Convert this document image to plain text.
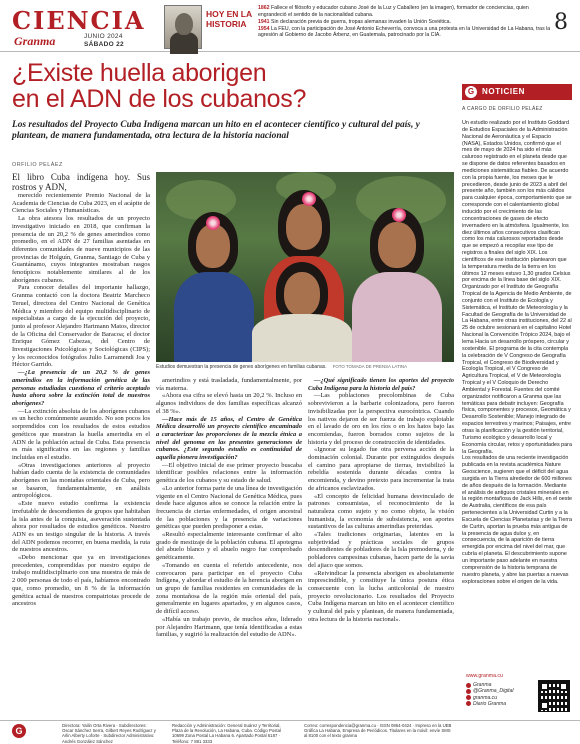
CIENCIA
Granma	JUNIO 2024
SÁBADO 22
HOY EN LA
HISTORIA

1862 Fallece el filósofo y educador cubano José de la Luz y Caballero (en la imagen), formador de conciencias, quien engrandeció el sentido de la nacionalidad cubana.

1941 Sin declaración previa de guerra, tropas alemanas invaden la Unión Soviética.

1954 La FEU, con la participación de José Antonio Echeverría, convoca a una protesta en la Universidad de La Habana, tras la agresión al Gobierno de Jacobo Árbenz, en Guatemala, patrocinado por la CIA.

8
¿Existe huella aborigen
en el ADN de los cubanos?
Los resultados del Proyecto Cuba Indígena marcan un hito en el acontecer científico y cultural del país, y plantean, de manera fundamentada, otra lectura de la historia nacional
ORFILIO PELÁEZ

El libro Cuba indígena hoy. Sus rostros y ADN,

merecido recientemente Premio Nacional de la Academia de Ciencias de Cuba 2023, en el acápite de Ciencias Sociales y Humanísticas.

La obra atesora los resultados de un proyecto investigativo iniciado en 2018, que confirman la presencia de un 20,2 % de genes amerindios como promedio, en el ADN de 27 familias asentadas en diferentes comunidades de nueve municipios de las provincias de Holguín, Granma, Santiago de Cuba y Guantánamo, cuyos integrantes mostraban rasgos fenotípicos notablemente similares al de los aborígenes cubanos.

Para conocer detalles del importante hallazgo, Granma contactó con la doctora Beatriz Marcheco Teruel, directora del Centro Nacional de Genética Médica y miembro del equipo multidisciplinario de especialistas a cargo de la ejecución del proyecto, junto al profesor Alejandro Hartmann Matos, director de la Oficina del Conservador de Baracoa; el doctor Enrique Gómez Cabezas, del Centro de Investigaciones Psicológicas y Sociológicas (CIPS); y los reconocidos fotógrafos Julio Larramendi Joa y Héctor Garrido.

—¿La presencia de un 20,2 % de genes amerindios en la información genética de las personas estudiadas cuestiona el criterio aceptado hasta ahora sobre la extinción total de nuestros aborígenes?

—La extinción absoluta de los aborígenes cubanos es un hecho comúnmente asumido. No son pocos los sorprendidos con los resultados de estos estudios genéticos que muestran la huella amerindia en el ADN de la población actual de Cuba. Esta presencia es más significativa en las regiones y familias incluidas en el estudio.

«Otras investigaciones anteriores al proyecto habían dado cuenta de la existencia de comunidades aborígenes en las montañas orientales de Cuba, pero se basaron, fundamentalmente, en análisis antropológicos.

«Este nuevo estudio confirma la existencia irrefutable de descendientes de grupos que habitaban la isla antes de la conquista, aseveración sustentada ahora por resultados de estudios genéticos. Nuestro ADN es un testigo singular de la historia. A través del ADN podemos recorrer, en buena medida, la ruta de nuestros ancestros.

«Debo mencionar que ya en investigaciones precedentes, comprendidas por nuestro equipo de trabajo multidisciplinario con una muestra de más de 2 000 personas de todo el país, habíamos encontrado que, como promedio, un 8 % de la información genética actual de nuestros compatriotas procede de ancestros

Estudios demuestran la presencia de genes aborígenes en familias cubanas. FOTO TOMADA DE PRENSA LATINA

amerindios y está trasladada, fundamentalmente, por vía materna.

«Ahora esa cifra se elevó hasta un 20,2 %. Incluso en algunos individuos de dos familias específicas alcanzó el 38 %».

—Hace más de 15 años, el Centro de Genética Médica desarrolló un proyecto científico encaminado a caracterizar las proporciones de la mezcla étnica a nivel del genoma en las presentes generaciones de cubanos. ¿Este segundo estudio es continuidad de aquella pionera investigación?

—El objetivo inicial de ese primer proyecto buscaba identificar posibles relaciones entre la información genética de los cubanos y su estado de salud.

«Lo anterior forma parte de una línea de investigación vigente en el Centro Nacional de Genética Médica, pues desde hace algunos años se conoce la relación entre la frecuencia de ciertas enfermedades, el origen ancestral de las poblaciones y la presencia de variaciones genéticas que pueden predisponer a estas.

«Resultó especialmente interesante confirmar el alto grado de mestizaje de la población cubana. El apotegma del abuelo blanco y el abuelo negro fue comprobado genéticamente.

«Tomando en cuenta el referido antecedente, nos convocaron para participar en el proyecto Cuba Indígena, y abordar el estudio de la herencia aborigen en un grupo de familias residentes en comunidades de la zona montañosa de la región más oriental del país, generalmente en lugares apartados, y en algunos casos, de difícil acceso.

«Había un trabajo previo, de muchos años, liderado por Alejandro Hartmann, que tenía identificadas a estas familias, y sugirió la realización del estudio de ADN».

—¿Qué significado tienen los aportes del proyecto Cuba Indígena para la historia del país?

—Las poblaciones precolombinas de Cuba sobrevivieron a la barbarie colonizadora, pero fueron invisibilizadas por la perspectiva eurocéntrica. Cuando los nativos dejaron de ser fuerza de trabajo explotable en el lavado de oro en los ríos o en los hatos bajo las encomiendas, fueron borrados como sujetos de la historia y del proceso de construcción de identidades.

«Ignorar su legado fue otra perversa acción de la dominación colonial. Durante por extinguidos después el camino para apropiarse de tierras, invisibilizó la rebeldía sostenida durante décadas contra la encomienda, y devino pretexto para incrementar la trata de africanos esclavizados.

«El concepto de felicidad humana desvinculado de patrones consumistas, el reconocimiento de la naturaleza como sujeto y no como objeto, la visión humanista, la economía de subsistencia, son aportes sustantivos de las culturas amerindias preteridas.

«Tales tradiciones originarias, latentes en la subjetividad y prácticas sociales de grupos descendientes de pobladores de la Isla premoderna, y de pobladores campesinas cubanas, hacen parte de la savia del ajiaco que somos.

«Reivindicar la presencia aborigen es absolutamente imprescindible, y constituye la única postura ética consecuente con la lucha anticolonial de nuestro proyecto revolucionario. Los resultados del Proyecto Cuba Indígena marcan un hito en el acontecer científico y cultural del país y plantean, de manera fundamentada, otra lectura de la historia nacional».

G NOTICIEN
A CARGO DE ORFILIO PELÁEZ

Un estudio realizado por el Instituto Goddard de Estudios Espaciales de la Administración Nacional de Aeronáutica y el Espacio (NASA), Estados Unidos, confirmó que el mes de mayo de 2024 ha sido el más caluroso registrado en el planeta desde que se dispone de datos referentes basados en mediciones sistemáticas fiables. De acuerdo con la propia fuente, los meses que le precedieron, desde junio de 2023 a abril del presente año, también son los más cálidos para cualquier época, comportamiento que se corresponde con el calentamiento global inducido por el crecimiento de las concentraciones de gases de efecto invernadero en la atmósfera. Igualmente, los diez últimos años consecutivos clasifican como los más calurosos reportados desde que se empezó a recopilar ese tipo de registros a finales del siglo XIX. Los científicos de ese institución plantearon que la temperatura media de la tierra en los últimos 12 meses estuvo 1,30 grados Celsius por encima de la línea base del siglo XIX.

Organizado por el Instituto de Geografía Tropical de la Agencia de Medio Ambiente, de conjunto con el Instituto de Ecología y Sistemática, el Instituto de Meteorología y la Facultad de Geografía de la Universidad de La Habana, entre otras instituciones, del 22 al 25 de octubre sesionará en el capitalino Hotel Nacional la Convención Trópico 2024, bajo el lema Hacia un desarrollo próspero, circular y sostenible. El programa de la cita contempla la celebración de V Congreso de Geografía Tropical, el Congreso de Biodiversidad y Ecología Tropical, el V Congreso de Agricultura Tropical, el V de Meteorología Tropical y el V Coloquio de Derecho Ambiental y Forestal. Fuentes del comité organizador notificaron a Granma que las temáticas para debatir incluyen: Geografía física, componentes y procesos, Geomática y Desarrollo Sostenible; Manejo integrado de espacios terrestres y marinos; Paisajes, entre otras la planificación y la gestión territorial, Turismo ecológico y desarrollo local y Economía circular, retos y oportunidades para la Geografía.

Los resultados de una reciente investigación publicada en la revista académica Nature Geoscience, sugieren que el déficit del agua surgida en la Tierra alrededor de 600 millones de años después de la formación. Mediante el análisis de antiguos cristales minerales en la región montañosa de Jack Hills, en el oeste de Australia, científicos de esa país pertenecientes a la Universidad Curtin y a la Escuela de Ciencias Planetarias y de la Tierra de Curtin, aportan la prueba más antigua de la presencia de agua dulce y, en consecuencia, de la aparición de tierra emergida por encima del nivel del mar, que cubría el planeta. El descubrimiento supone un importante paso adelante en nuestra comprensión de la historia temprana de nuestro planeta, y abre las puertas a nuevas exploraciones sobre el origen de la vida.

www.granma.cu
Granma
@Granma_Digital
granma.cu
Diario Granma
G
Directora: Yailin Orta Rivera · Subdirectores: Oscar Sánchez Serra, Gilbert Reyes Rodríguez y Arlin Alberty Loforte · Subdirector Administrativo: Andrés González Sánchez
Redacción y Administración: General Suárez y Territorial, Plaza de la Revolución, La Habana, Cuba. Código Postal 10699 Zona Postal La Habana 6. Apartado Postal 6187 · Teléfono: 7 881 3333
Correo: correspondencia@granma.cu · ISSN 0864-0424 · Impreso en la UEB Gráfica La Habana, Empresa de Periódicos. Titulares en la móvil: envíe SMS al 8100 con el texto granma
